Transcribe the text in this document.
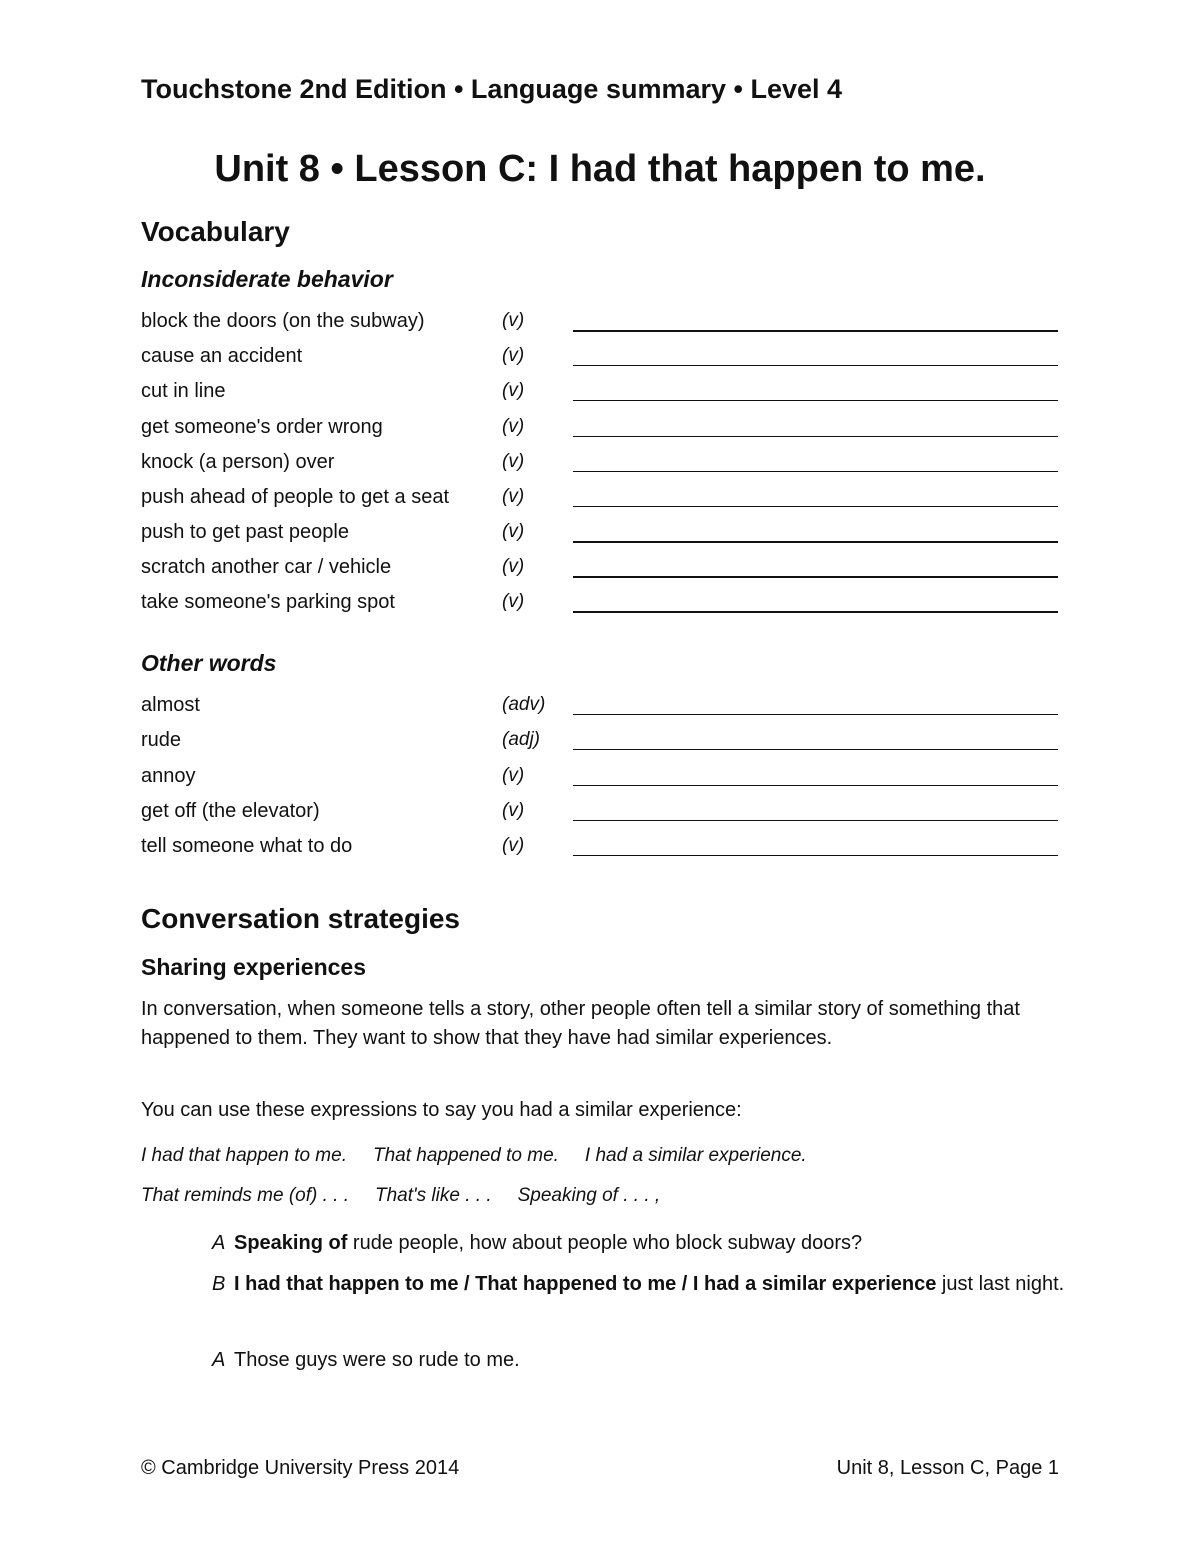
Touchstone 2nd Edition • Language summary • Level 4
Unit 8 • Lesson C: I had that happen to me.
Vocabulary
Inconsiderate behavior
block the doors (on the subway)	(v)
cause an accident	(v)
cut in line	(v)
get someone's order wrong	(v)
knock (a person) over	(v)
push ahead of people to get a seat	(v)
push to get past people	(v)
scratch another car / vehicle	(v)
take someone's parking spot	(v)
Other words
almost	(adv)
rude	(adj)
annoy	(v)
get off (the elevator)	(v)
tell someone what to do	(v)
Conversation strategies
Sharing experiences
In conversation, when someone tells a story, other people often tell a similar story of something that happened to them. They want to show that they have had similar experiences.
You can use these expressions to say you had a similar experience:
I had that happen to me. That happened to me. I had a similar experience.
That reminds me (of) . . . That's like . . . Speaking of . . . ,
A Speaking of rude people, how about people who block subway doors?
B I had that happen to me / That happened to me / I had a similar experience just last night.
A Those guys were so rude to me.
© Cambridge University Press 2014	Unit 8, Lesson C, Page 1
